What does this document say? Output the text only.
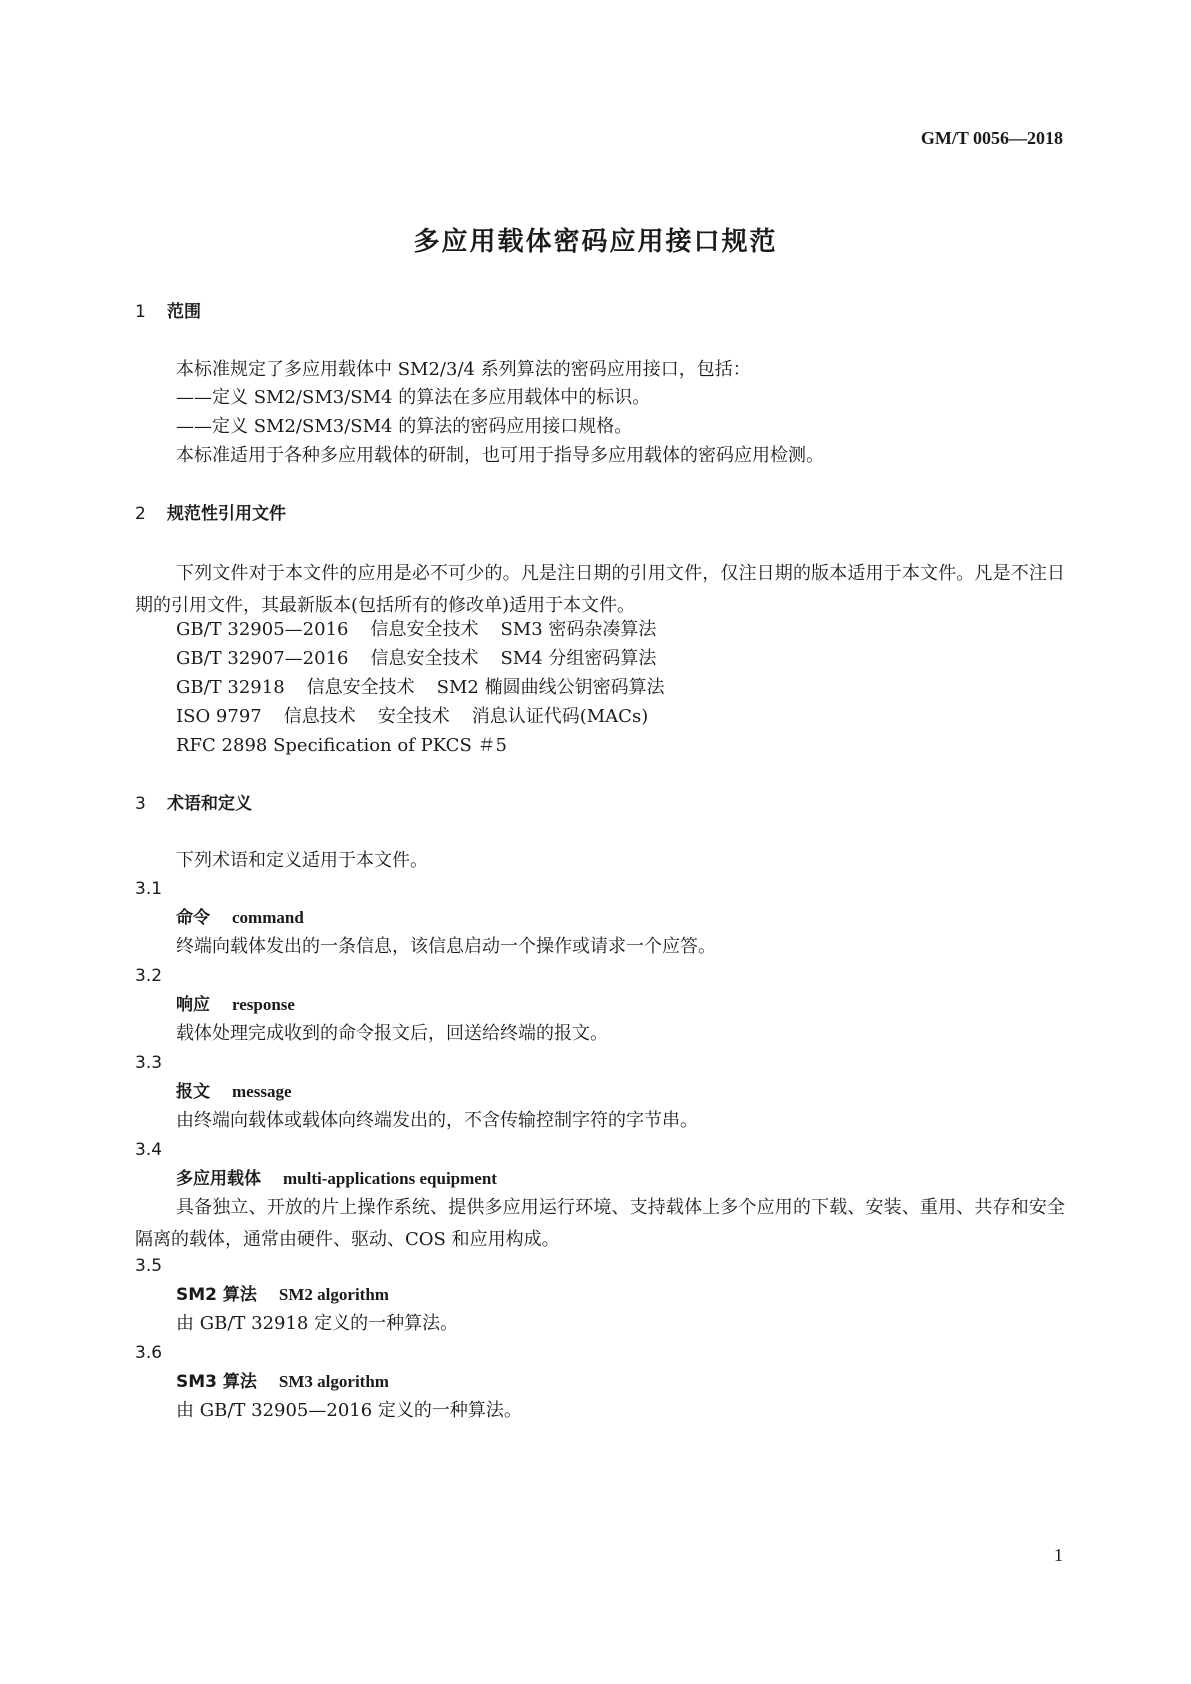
GM/T 0056—2018
多应用载体密码应用接口规范
1 范围
本标准规定了多应用载体中 SM2/3/4 系列算法的密码应用接口，包括：
——定义 SM2/SM3/SM4 的算法在多应用载体中的标识。
——定义 SM2/SM3/SM4 的算法的密码应用接口规格。
本标准适用于各种多应用载体的研制，也可用于指导多应用载体的密码应用检测。
2 规范性引用文件
下列文件对于本文件的应用是必不可少的。凡是注日期的引用文件，仅注日期的版本适用于本文件。凡是不注日期的引用文件，其最新版本(包括所有的修改单)适用于本文件。
GB/T 32905—2016 信息安全技术 SM3 密码杂凑算法
GB/T 32907—2016 信息安全技术 SM4 分组密码算法
GB/T 32918 信息安全技术 SM2 椭圆曲线公钥密码算法
ISO 9797 信息技术 安全技术 消息认证代码(MACs)
RFC 2898 Specification of PKCS ＃5
3 术语和定义
下列术语和定义适用于本文件。
3.1
命令 command
终端向载体发出的一条信息，该信息启动一个操作或请求一个应答。
3.2
响应 response
载体处理完成收到的命令报文后，回送给终端的报文。
3.3
报文 message
由终端向载体或载体向终端发出的，不含传输控制字符的字节串。
3.4
多应用载体 multi-applications equipment
具备独立、开放的片上操作系统、提供多应用运行环境、支持载体上多个应用的下载、安装、重用、共存和安全隔离的载体，通常由硬件、驱动、COS 和应用构成。
3.5
SM2 算法 SM2 algorithm
由 GB/T 32918 定义的一种算法。
3.6
SM3 算法 SM3 algorithm
由 GB/T 32905—2016 定义的一种算法。
1
